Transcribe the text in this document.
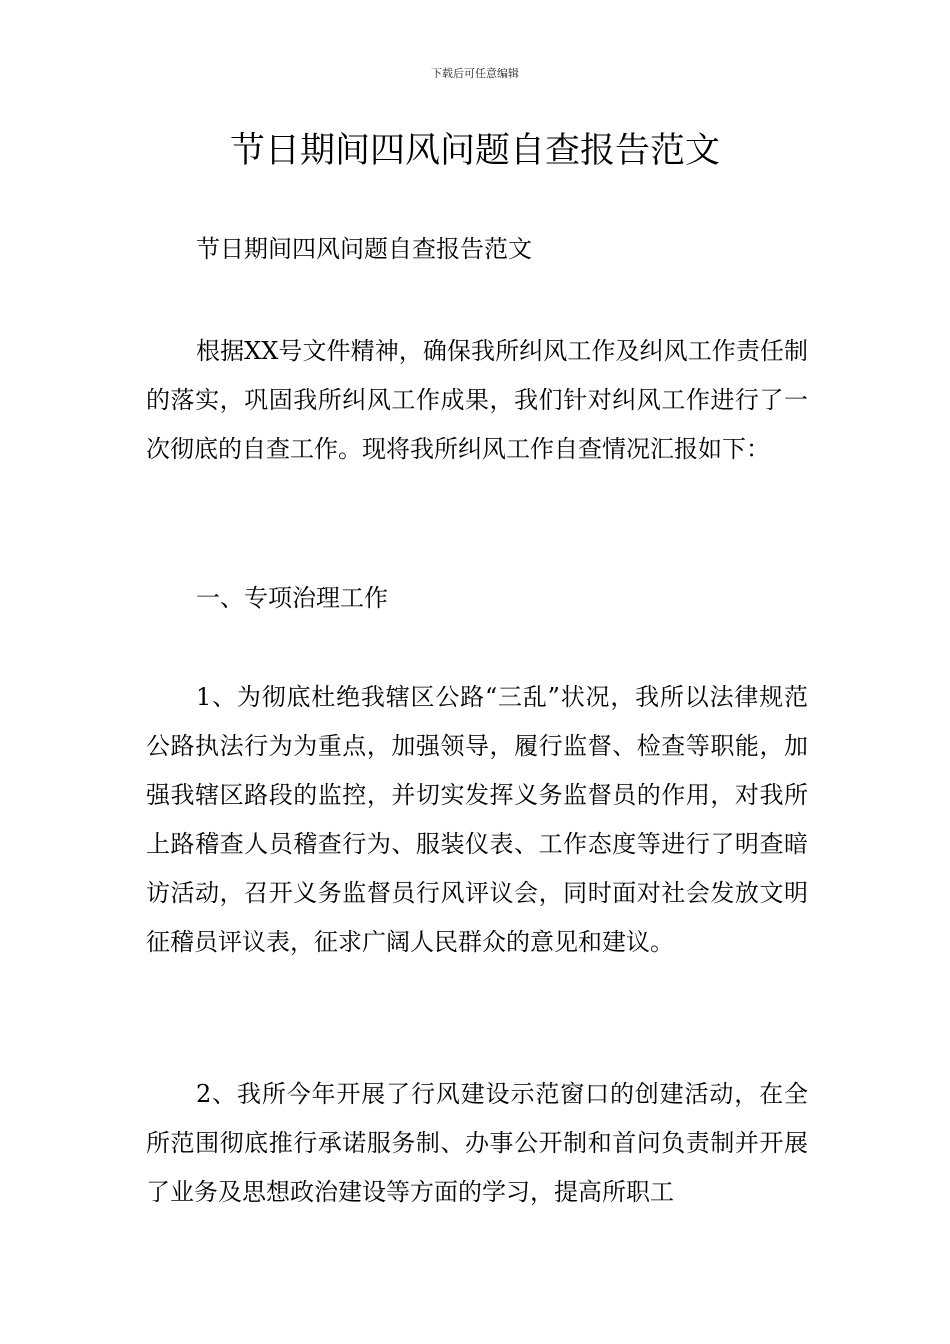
下载后可任意编辑
节日期间四风问题自查报告范文

节日期间四风问题自查报告范文

根据XX号文件精神，确保我所纠风工作及纠风工作责任制的落实，巩固我所纠风工作成果，我们针对纠风工作进行了一次彻底的自查工作。现将我所纠风工作自查情况汇报如下：

一、专项治理工作

1、为彻底杜绝我辖区公路“三乱”状况，我所以法律规范公路执法行为为重点，加强领导，履行监督、检查等职能，加强我辖区路段的监控，并切实发挥义务监督员的作用，对我所上路稽查人员稽查行为、服装仪表、工作态度等进行了明查暗访活动，召开义务监督员行风评议会，同时面对社会发放文明征稽员评议表，征求广阔人民群众的意见和建议。

2、我所今年开展了行风建设示范窗口的创建活动，在全所范围彻底推行承诺服务制、办事公开制和首问负责制并开展了业务及思想政治建设等方面的学习，提高所职工
